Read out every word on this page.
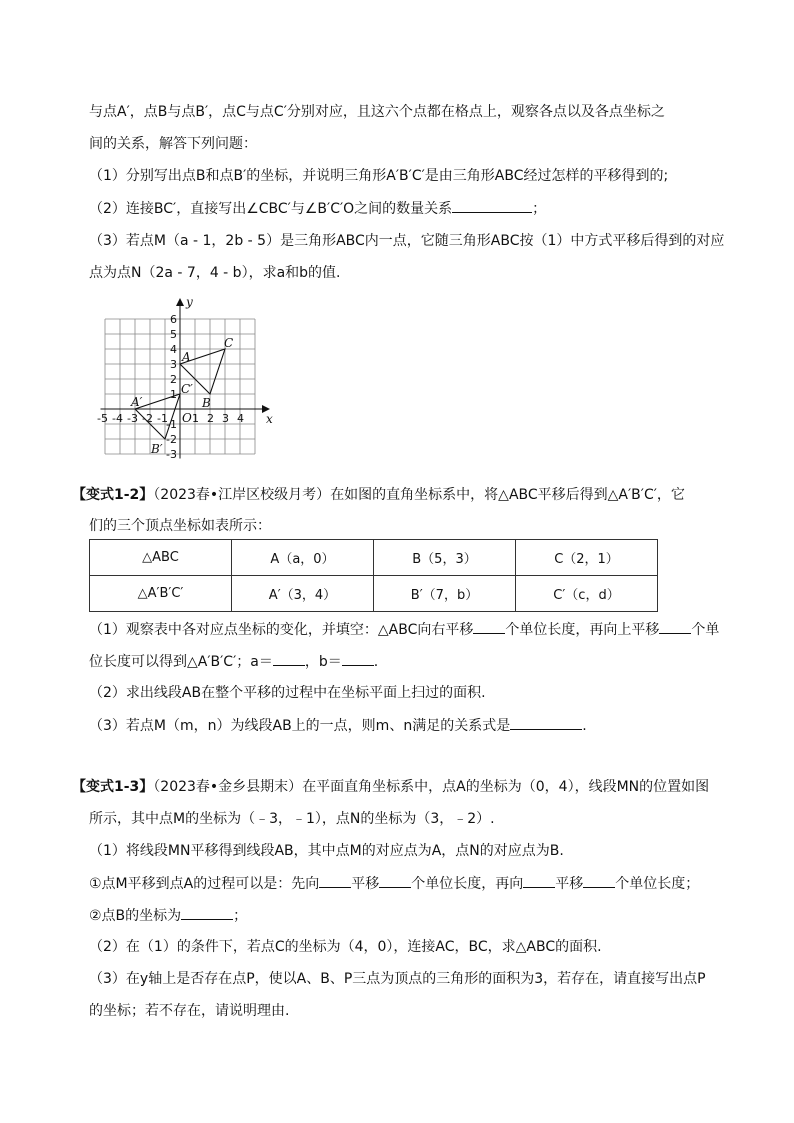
与点A′，点B与点B′，点C与点C′分别对应，且这六个点都在格点上，观察各点以及各点坐标之
间的关系，解答下列问题：
（1）分别写出点B和点B′的坐标，并说明三角形A′B′C′是由三角形ABC经过怎样的平移得到的;
（2）连接BC′，直接写出∠CBC′与∠B′C′O之间的数量关系	；
（3）若点M（a - 1，2b - 5）是三角形ABC内一点，它随三角形ABC按（1）中方式平移后得到的对应
点为点N（2a - 7，4 - b），求a和b的值.
x
y
-5 -4 -3 -2 -1 1 2 3 4
6
5
4
3
2
1
-1
-2
-3
O
A
B
C
A′
B′
C′
【变式1-2】（2023春•江岸区校级月考）在如图的直角坐标系中，将△ABC平移后得到△A′B′C′，它
们的三个顶点坐标如表所示：
△ABC	A（a，0）	B（5，3）	C（2，1）
△A′B′C′	A′（3，4）	B′（7，b）	C′（c，d）
（1）观察表中各对应点坐标的变化，并填空：△ABC向右平移 个单位长度，再向上平移 个单
位长度可以得到△A′B′C′；a＝ ，b＝ .
（2）求出线段AB在整个平移的过程中在坐标平面上扫过的面积.
（3）若点M（m，n）为线段AB上的一点，则m、n满足的关系式是	.
【变式1-3】（2023春•金乡县期末）在平面直角坐标系中，点A的坐标为（0，4），线段MN的位置如图
所示，其中点M的坐标为（﹣3，﹣1），点N的坐标为（3，﹣2）.
（1）将线段MN平移得到线段AB，其中点M的对应点为A，点N的对应点为B.
①点M平移到点A的过程可以是：先向 平移 个单位长度，再向 平移 个单位长度；
②点B的坐标为	；
（2）在（1）的条件下，若点C的坐标为（4，0），连接AC，BC，求△ABC的面积.
（3）在y轴上是否存在点P，使以A、B、P三点为顶点的三角形的面积为3，若存在，请直接写出点P
的坐标；若不存在，请说明理由.
